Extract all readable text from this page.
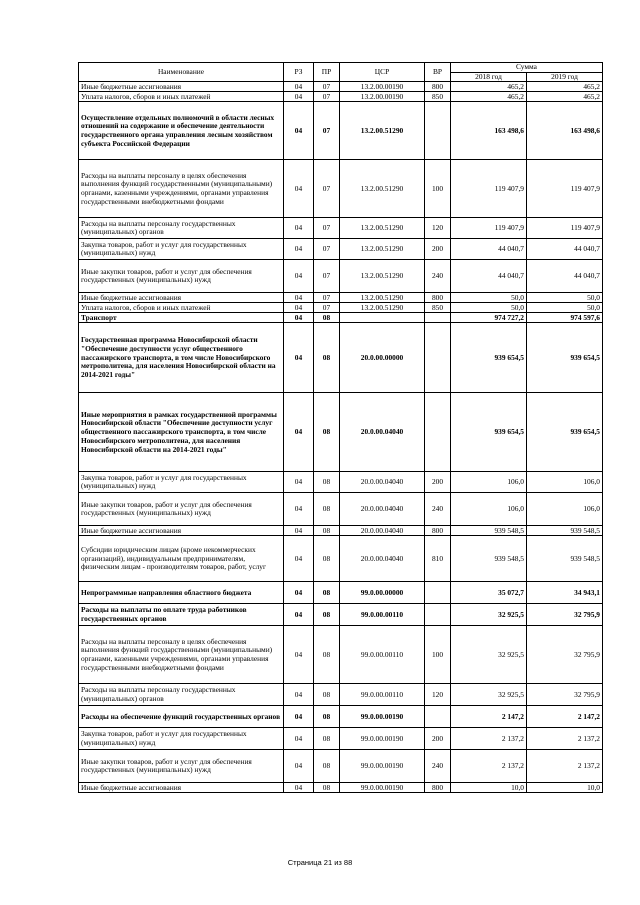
Наименование	РЗ	ПР	ЦСР	ВР	Сумма	
					2018 год	2019 год
Иные бюджетные ассигнования	04	07	13.2.00.00190	800	465,2	465,2
Уплата налогов, сборов и иных платежей	04	07	13.2.00.00190	850	465,2	465,2
Осуществление отдельных полномочий в области лесных отношений на содержание и обеспечение деятельности государственного органа управления лесным хозяйством субъекта Российской Федерации	04	07	13.2.00.51290		163 498,6	163 498,6
Расходы на выплаты персоналу в целях обеспечения выполнения функций государственными (муниципальными) органами, казенными учреждениями, органами управления государственными внебюджетными фондами	04	07	13.2.00.51290	100	119 407,9	119 407,9
Расходы на выплаты персоналу государственных (муниципальных) органов	04	07	13.2.00.51290	120	119 407,9	119 407,9
Закупка товаров, работ и услуг для государственных (муниципальных) нужд	04	07	13.2.00.51290	200	44 040,7	44 040,7
Иные закупки товаров, работ и услуг для обеспечения государственных (муниципальных) нужд	04	07	13.2.00.51290	240	44 040,7	44 040,7
Иные бюджетные ассигнования	04	07	13.2.00.51290	800	50,0	50,0
Уплата налогов, сборов и иных платежей	04	07	13.2.00.51290	850	50,0	50,0
Транспорт	04	08			974 727,2	974 597,6
Государственная программа Новосибирской области "Обеспечение доступности услуг общественного пассажирского транспорта, в том числе Новосибирского метрополитена, для населения Новосибирской области на 2014-2021 годы"	04	08	20.0.00.00000		939 654,5	939 654,5
Иные мероприятия в рамках государственной программы Новосибирской области "Обеспечение доступности услуг общественного пассажирского транспорта, в том числе Новосибирского метрополитена, для населения Новосибирской области на 2014-2021 годы"	04	08	20.0.00.04040		939 654,5	939 654,5
Закупка товаров, работ и услуг для государственных (муниципальных) нужд	04	08	20.0.00.04040	200	106,0	106,0
Иные закупки товаров, работ и услуг для обеспечения государственных (муниципальных) нужд	04	08	20.0.00.04040	240	106,0	106,0
Иные бюджетные ассигнования	04	08	20.0.00.04040	800	939 548,5	939 548,5
Субсидии юридическим лицам (кроме некоммерческих организаций), индивидуальным предпринимателям, физическим лицам - производителям товаров, работ, услуг	04	08	20.0.00.04040	810	939 548,5	939 548,5
Непрограммные направления областного бюджета	04	08	99.0.00.00000		35 072,7	34 943,1
Расходы на выплаты по оплате труда работников государственных органов	04	08	99.0.00.00110		32 925,5	32 795,9
Расходы на выплаты персоналу в целях обеспечения выполнения функций государственными (муниципальными) органами, казенными учреждениями, органами управления государственными внебюджетными фондами	04	08	99.0.00.00110	100	32 925,5	32 795,9
Расходы на выплаты персоналу государственных (муниципальных) органов	04	08	99.0.00.00110	120	32 925,5	32 795,9
Расходы на обеспечение функций государственных органов	04	08	99.0.00.00190		2 147,2	2 147,2
Закупка товаров, работ и услуг для государственных (муниципальных) нужд	04	08	99.0.00.00190	200	2 137,2	2 137,2
Иные закупки товаров, работ и услуг для обеспечения государственных (муниципальных) нужд	04	08	99.0.00.00190	240	2 137,2	2 137,2
Иные бюджетные ассигнования	04	08	99.0.00.00190	800	10,0	10,0
Страница 21 из 88
